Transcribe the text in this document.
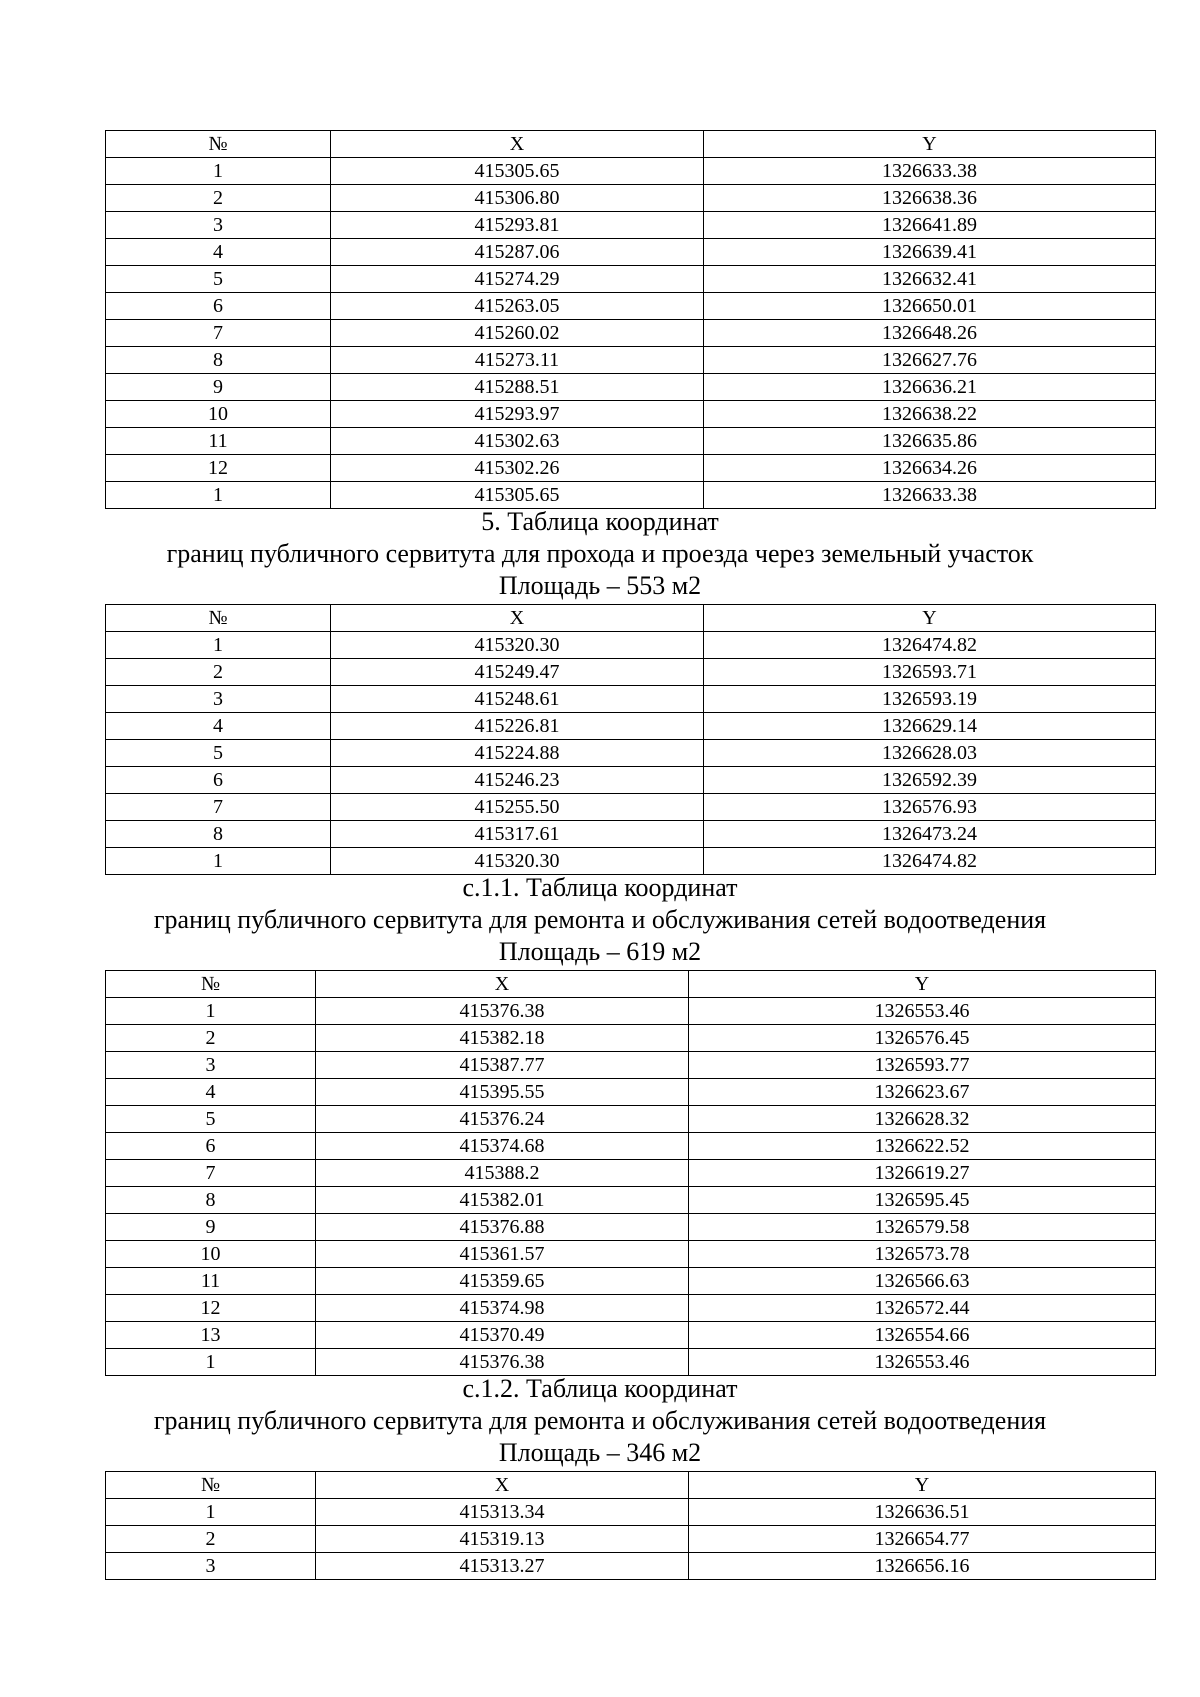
№	X	Y
1	415305.65	1326633.38
2	415306.80	1326638.36
3	415293.81	1326641.89
4	415287.06	1326639.41
5	415274.29	1326632.41
6	415263.05	1326650.01
7	415260.02	1326648.26
8	415273.11	1326627.76
9	415288.51	1326636.21
10	415293.97	1326638.22
11	415302.63	1326635.86
12	415302.26	1326634.26
1	415305.65	1326633.38
5. Таблица координат
границ публичного сервитута для прохода и проезда через земельный участок
Площадь – 553 м2
№	X	Y
1	415320.30	1326474.82
2	415249.47	1326593.71
3	415248.61	1326593.19
4	415226.81	1326629.14
5	415224.88	1326628.03
6	415246.23	1326592.39
7	415255.50	1326576.93
8	415317.61	1326473.24
1	415320.30	1326474.82
с.1.1. Таблица координат
границ публичного сервитута для ремонта и обслуживания сетей водоотведения
Площадь – 619 м2
№	X	Y
1	415376.38	1326553.46
2	415382.18	1326576.45
3	415387.77	1326593.77
4	415395.55	1326623.67
5	415376.24	1326628.32
6	415374.68	1326622.52
7	415388.2	1326619.27
8	415382.01	1326595.45
9	415376.88	1326579.58
10	415361.57	1326573.78
11	415359.65	1326566.63
12	415374.98	1326572.44
13	415370.49	1326554.66
1	415376.38	1326553.46
с.1.2. Таблица координат
границ публичного сервитута для ремонта и обслуживания сетей водоотведения
Площадь – 346 м2
№	X	Y
1	415313.34	1326636.51
2	415319.13	1326654.77
3	415313.27	1326656.16
